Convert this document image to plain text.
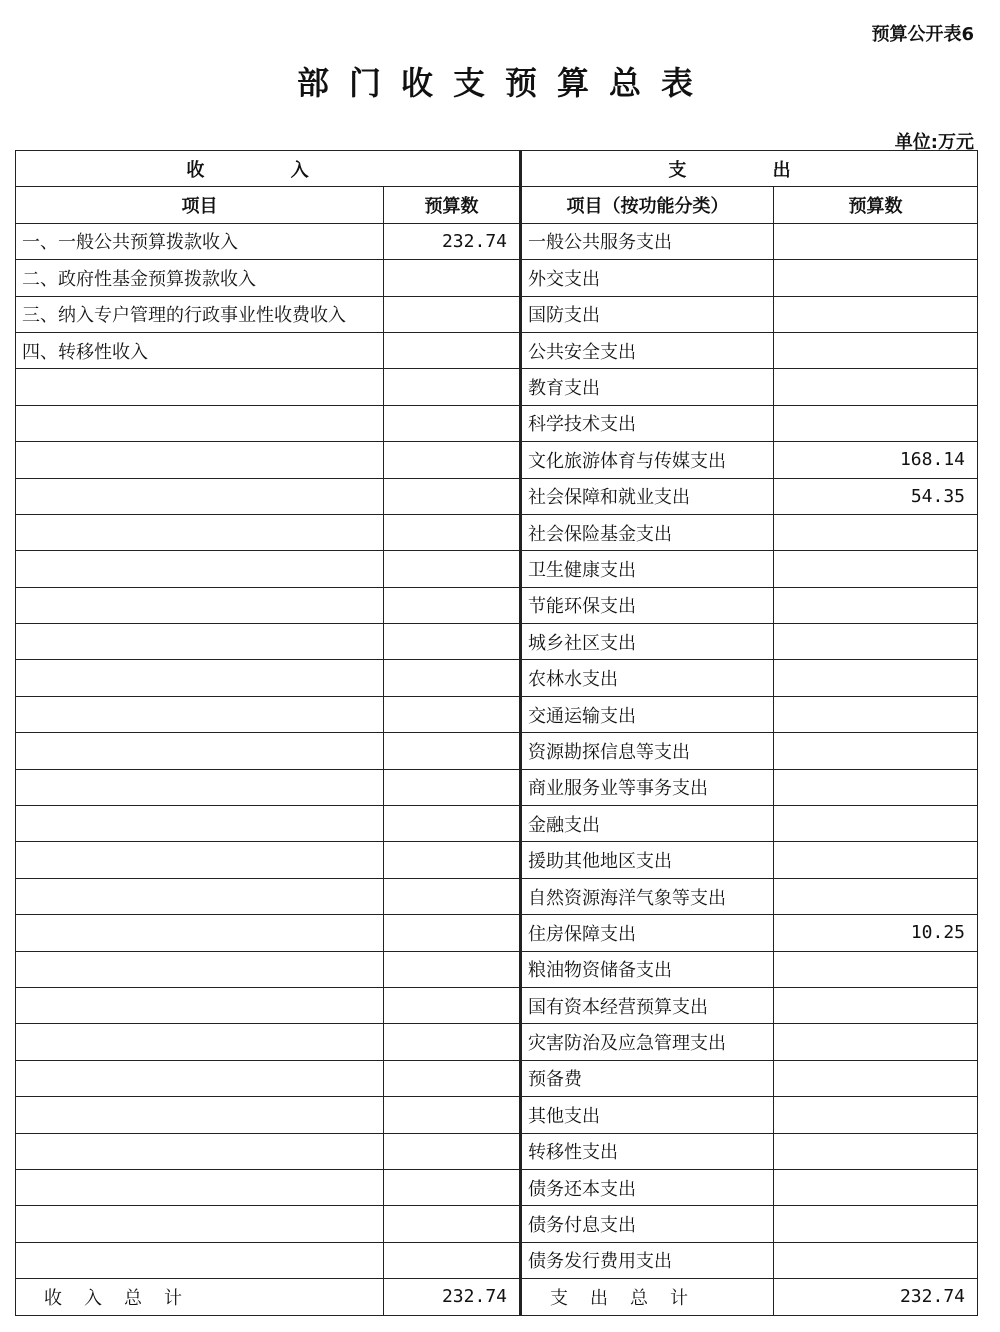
预算公开表6
部门收支预算总表
单位:万元
收 入		支 出	
项目	预算数	项目（按功能分类）	预算数
一、一般公共预算拨款收入	232.74	一般公共服务支出	
二、政府性基金预算拨款收入		外交支出	
三、纳入专户管理的行政事业性收费收入		国防支出	
四、转移性收入		公共安全支出	
		教育支出	
		科学技术支出	
		文化旅游体育与传媒支出	168.14
		社会保障和就业支出	54.35
		社会保险基金支出	
		卫生健康支出	
		节能环保支出	
		城乡社区支出	
		农林水支出	
		交通运输支出	
		资源勘探信息等支出	
		商业服务业等事务支出	
		金融支出	
		援助其他地区支出	
		自然资源海洋气象等支出	
		住房保障支出	10.25
		粮油物资储备支出	
		国有资本经营预算支出	
		灾害防治及应急管理支出	
		预备费	
		其他支出	
		转移性支出	
		债务还本支出	
		债务付息支出	
		债务发行费用支出	
收入总计	232.74	支出总计	232.74
